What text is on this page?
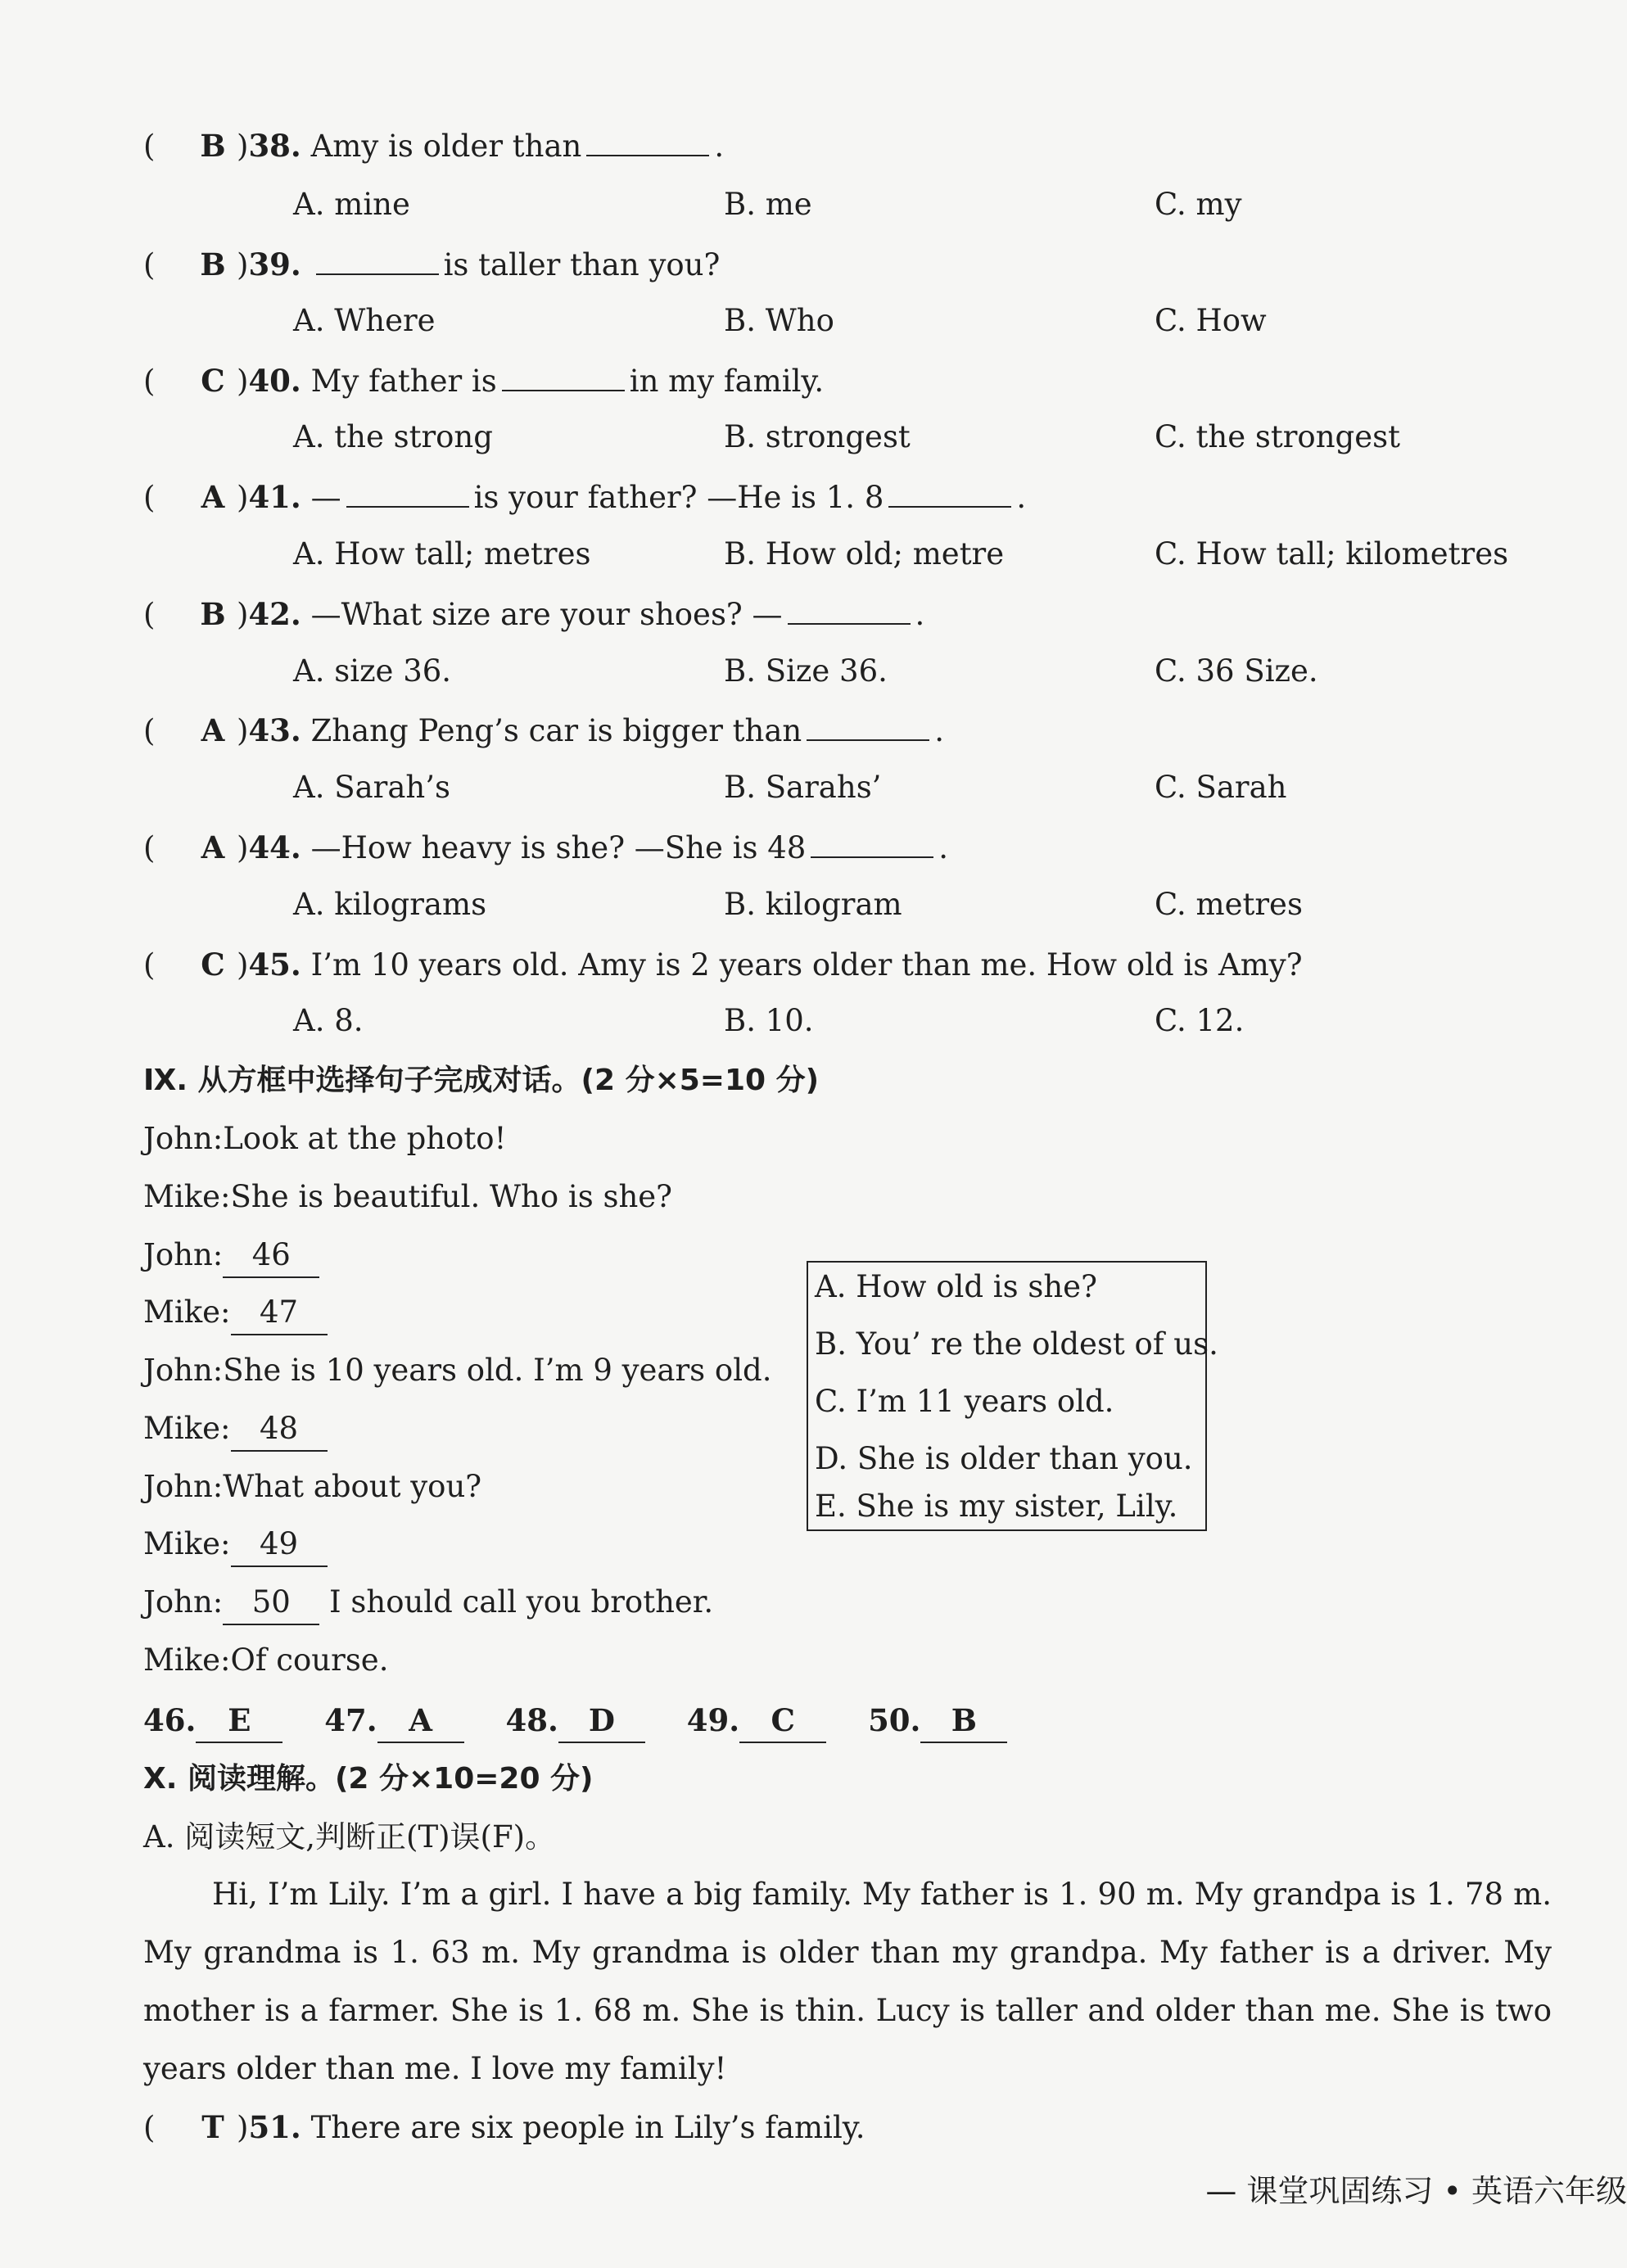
( B )38. Amy is older than	.
A. mine	B. me	C. my
( B )39.	is taller than you?
A. Where	B. Who	C. How
( C )40. My father is	in my family.
A. the strong	B. strongest	C. the strongest
( A )41. —	is your father? —He is 1. 8	.
A. How tall; metres	B. How old; metre	C. How tall; kilometres
( B )42. —What size are your shoes? —	.
A. size 36.	B. Size 36.	C. 36 Size.
( A )43. Zhang Peng’s car is bigger than	.
A. Sarah’s	B. Sarahs’	C. Sarah
( A )44. —How heavy is she? —She is 48	.
A. kilograms	B. kilogram	C. metres
( C )45. I’m 10 years old. Amy is 2 years older than me. How old is Amy?
A. 8.	B. 10.	C. 12.
Ⅸ. 从方框中选择句子完成对话。(2 分×5=10 分)
John:Look at the photo!
Mike:She is beautiful. Who is she?
John: 46
Mike: 47
John:She is 10 years old. I’m 9 years old.
Mike: 48
John:What about you?
Mike: 49
John: 50 I should call you brother.
Mike:Of course.
A. How old is she?
B. You’ re the oldest of us.
C. I’m 11 years old.
D. She is older than you.
E. She is my sister, Lily.
46. E 47. A 48. D 49. C 50. B
Ⅹ. 阅读理解。(2 分×10=20 分)
A. 阅读短文,判断正(T)误(F)。
Hi, I’m Lily. I’m a girl. I have a big family. My father is 1. 90 m. My grandpa is 1. 78 m. My grandma is 1. 63 m. My grandma is older than my grandpa. My father is a driver. My mother is a farmer. She is 1. 68 m. She is thin. Lucy is taller and older than me. She is two years older than me. I love my family!
( T )51. There are six people in Lily’s family.
— 课堂巩固练习 • 英语六年级
